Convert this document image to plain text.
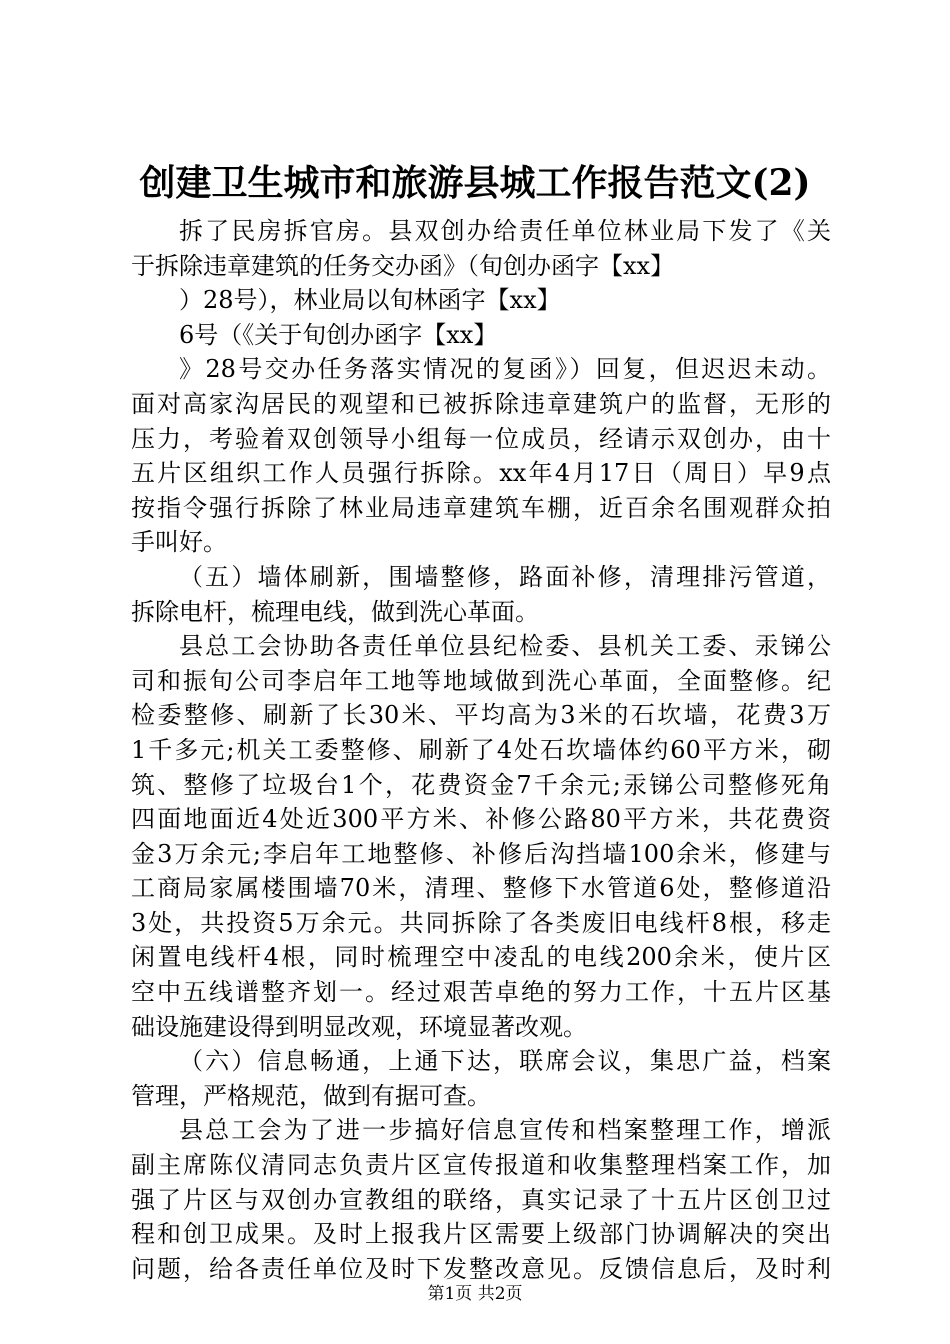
创建卫生城市和旅游县城工作报告范文(2)
拆了民房拆官房。县双创办给责任单位林业局下发了《关
于拆除违章建筑的任务交办函》（旬创办函字【xx】
）28号），林业局以旬林函字【xx】
6号（《关于旬创办函字【xx】
》28号交办任务落实情况的复函》）回复，但迟迟未动。
面对高家沟居民的观望和已被拆除违章建筑户的监督，无形的
压力，考验着双创领导小组每一位成员，经请示双创办，由十
五片区组织工作人员强行拆除。xx年4月17日（周日）早9点
按指令强行拆除了林业局违章建筑车棚，近百余名围观群众拍
手叫好。
（五）墙体刷新，围墙整修，路面补修，清理排污管道，
拆除电杆，梳理电线，做到洗心革面。
县总工会协助各责任单位县纪检委、县机关工委、汞锑公
司和振旬公司李启年工地等地域做到洗心革面，全面整修。纪
检委整修、刷新了长30米、平均高为3米的石坎墙，花费3万
1千多元;机关工委整修、刷新了4处石坎墙体约60平方米，砌
筑、整修了垃圾台1个，花费资金7千余元;汞锑公司整修死角
四面地面近4处近300平方米、补修公路80平方米，共花费资
金3万余元;李启年工地整修、补修后沟挡墙100余米，修建与
工商局家属楼围墙70米，清理、整修下水管道6处，整修道沿
3处，共投资5万余元。共同拆除了各类废旧电线杆8根，移走
闲置电线杆4根，同时梳理空中凌乱的电线200余米，使片区
空中五线谱整齐划一。经过艰苦卓绝的努力工作，十五片区基
础设施建设得到明显改观，环境显著改观。
（六）信息畅通，上通下达，联席会议，集思广益，档案
管理，严格规范，做到有据可查。
县总工会为了进一步搞好信息宣传和档案整理工作，增派
副主席陈仪清同志负责片区宣传报道和收集整理档案工作，加
强了片区与双创办宣教组的联络，真实记录了十五片区创卫过
程和创卫成果。及时上报我片区需要上级部门协调解决的突出
问题，给各责任单位及时下发整改意见。反馈信息后，及时利
第1页 共2页
